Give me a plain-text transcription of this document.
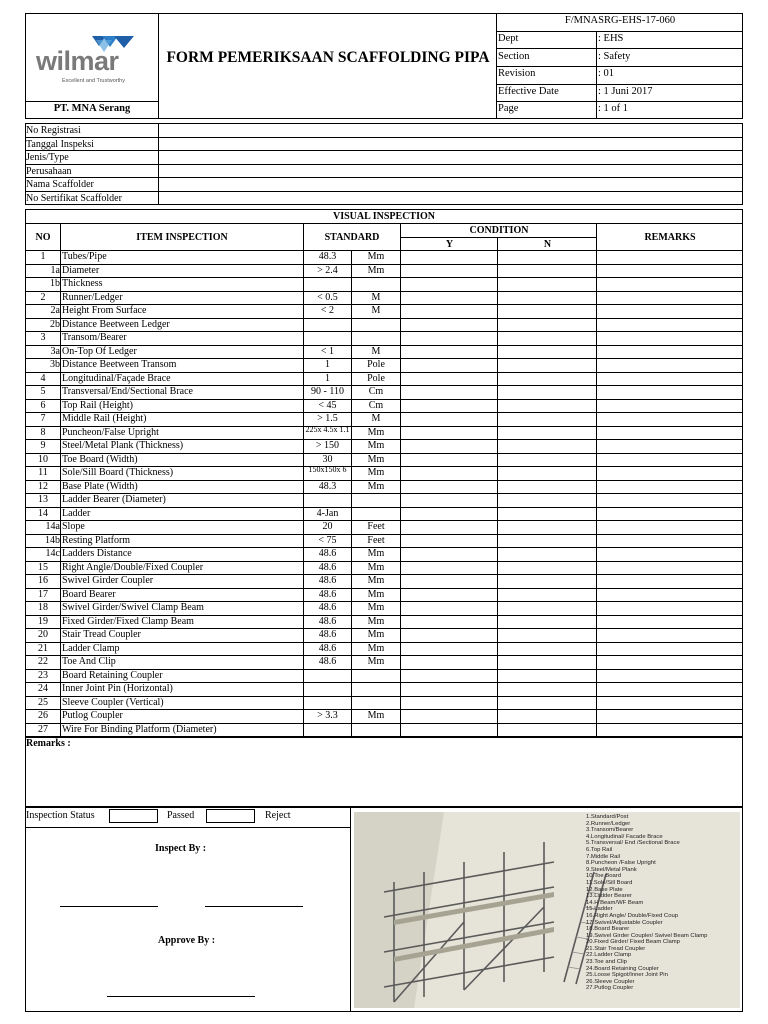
wilmar
Excellent and Trustworthy
FORM PEMERIKSAAN SCAFFOLDING PIPA
PT. MNA Serang
F/MNASRG-EHS-17-060
Dept	: EHS
Section	: Safety
Revision	: 01
Effective Date	: 1 Juni 2017
Page	: 1 of 1
No Registrasi
Tanggal Inspeksi
Jenis/Type
Perusahaan
Nama Scaffolder
No Sertifikat Scaffolder
VISUAL INSPECTION
NO	ITEM INSPECTION	STANDARD
CONDITION
Y	N
REMARKS
1	Tubes/Pipe	48.3	Mm
1a Diameter	> 2.4	Mm
1b Thickness
2	Runner/Ledger	< 0.5	M
2a Height From Surface	< 2	M
2b Distance Beetween Ledger
3	Transom/Bearer
3a On-Top Of Ledger	< 1	M
3b Distance Beetween Transom	1	Pole
4	Longitudinal/Façade Brace	1	Pole
5	Transversal/End/Sectional Brace	90 - 110	Cm
6	Top Rail (Height)	< 45	Cm
7	Middle Rail (Height)	> 1.5	M
8	Puncheon/False Upright	225x 4.5x 1.1	Mm
9	Steel/Metal Plank (Thickness)	> 150	Mm
10	Toe Board (Width)	30	Mm
11	Sole/Sill Board (Thickness)	150x150x 6	Mm
12	Base Plate (Width)	48.3	Mm
13	Ladder Bearer (Diameter)
14	Ladder	4-Jan
14a Slope	20	Feet
14b Resting Platform	< 75	Feet
14c Ladders Distance	48.6	Mm
15	Right Angle/Double/Fixed Coupler	48.6	Mm
16	Swivel Girder Coupler	48.6	Mm
17	Board Bearer	48.6	Mm
18	Swivel Girder/Swivel Clamp Beam	48.6	Mm
19	Fixed Girder/Fixed Clamp Beam	48.6	Mm
20	Stair Tread Coupler	48.6	Mm
21	Ladder Clamp	48.6	Mm
22	Toe And Clip	48.6	Mm
23	Board Retaining Coupler
24	Inner Joint Pin (Horizontal)
25	Sleeve Coupler (Vertical)
26	Putlog Coupler	> 3.3	Mm
27	Wire For Binding Platform (Diameter)
Remarks :
Inspection Status	Passed	Reject
Inspect By :
Approve By :
1.Standard/Post
2.Runner/Ledger
3.Transom/Bearer
4.Longitudinal/ Facade Brace
5.Transversal/ End /Sectional Brace
6.Top Rail
7.Middle Rail
8.Puncheon /False Upright
9.Steel/Metal Plank
10.Toe Board
11.Sole/Sill Board
12.Base Plate
13.Ladder Bearer
14.H Beam/WF Beam
15.Ladder
16.Right Angle/ Double/Fixed Coup
17.Swivel/Adjustable Coupler
18.Board Bearer
19.Swivel Girder Coupler/ Swivel Beam Clamp
20.Fixed Girder/ Fixed Beam Clamp
21.Stair Tread Coupler
22.Ladder Clamp
23.Toe and Clip
24.Board Retaining Coupler
25.Loose Spigot/Inner Joint Pin
26.Sleeve Coupler
27.Putlog Coupler
